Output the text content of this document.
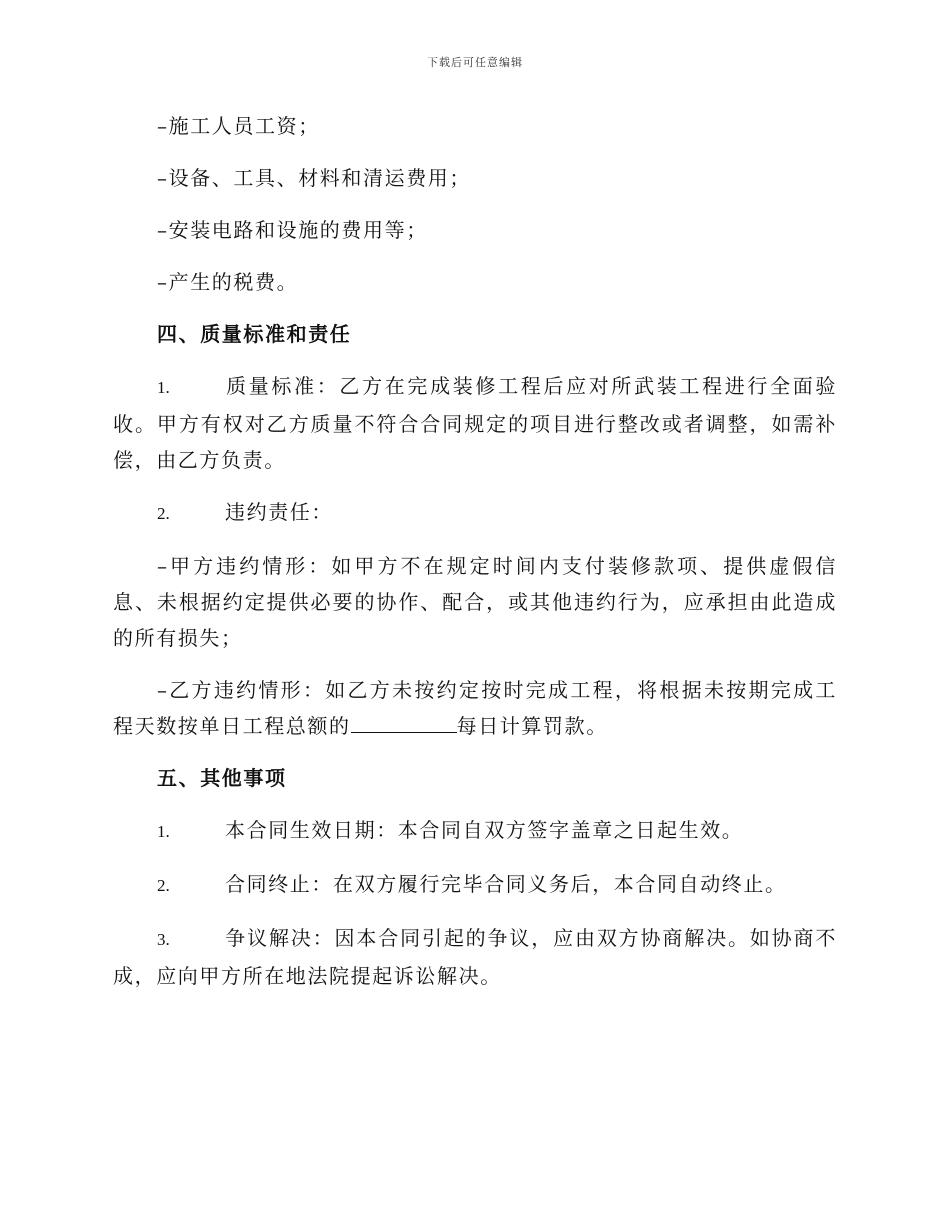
下载后可任意编辑

–施工人员工资；

–设备、工具、材料和清运费用；

–安装电路和设施的费用等；

–产生的税费。

四、质量标准和责任

1.	质量标准：乙方在完成装修工程后应对所武装工程进行全面验收。甲方有权对乙方质量不符合合同规定的项目进行整改或者调整，如需补偿，由乙方负责。

2.	违约责任：

–甲方违约情形：如甲方不在规定时间内支付装修款项、提供虚假信息、未根据约定提供必要的协作、配合，或其他违约行为，应承担由此造成的所有损失；

–乙方违约情形：如乙方未按约定按时完成工程，将根据未按期完成工程天数按单日工程总额的	每日计算罚款。

五、其他事项

1.	本合同生效日期：本合同自双方签字盖章之日起生效。

2.	合同终止：在双方履行完毕合同义务后，本合同自动终止。

3.	争议解决：因本合同引起的争议，应由双方协商解决。如协商不成，应向甲方所在地法院提起诉讼解决。
